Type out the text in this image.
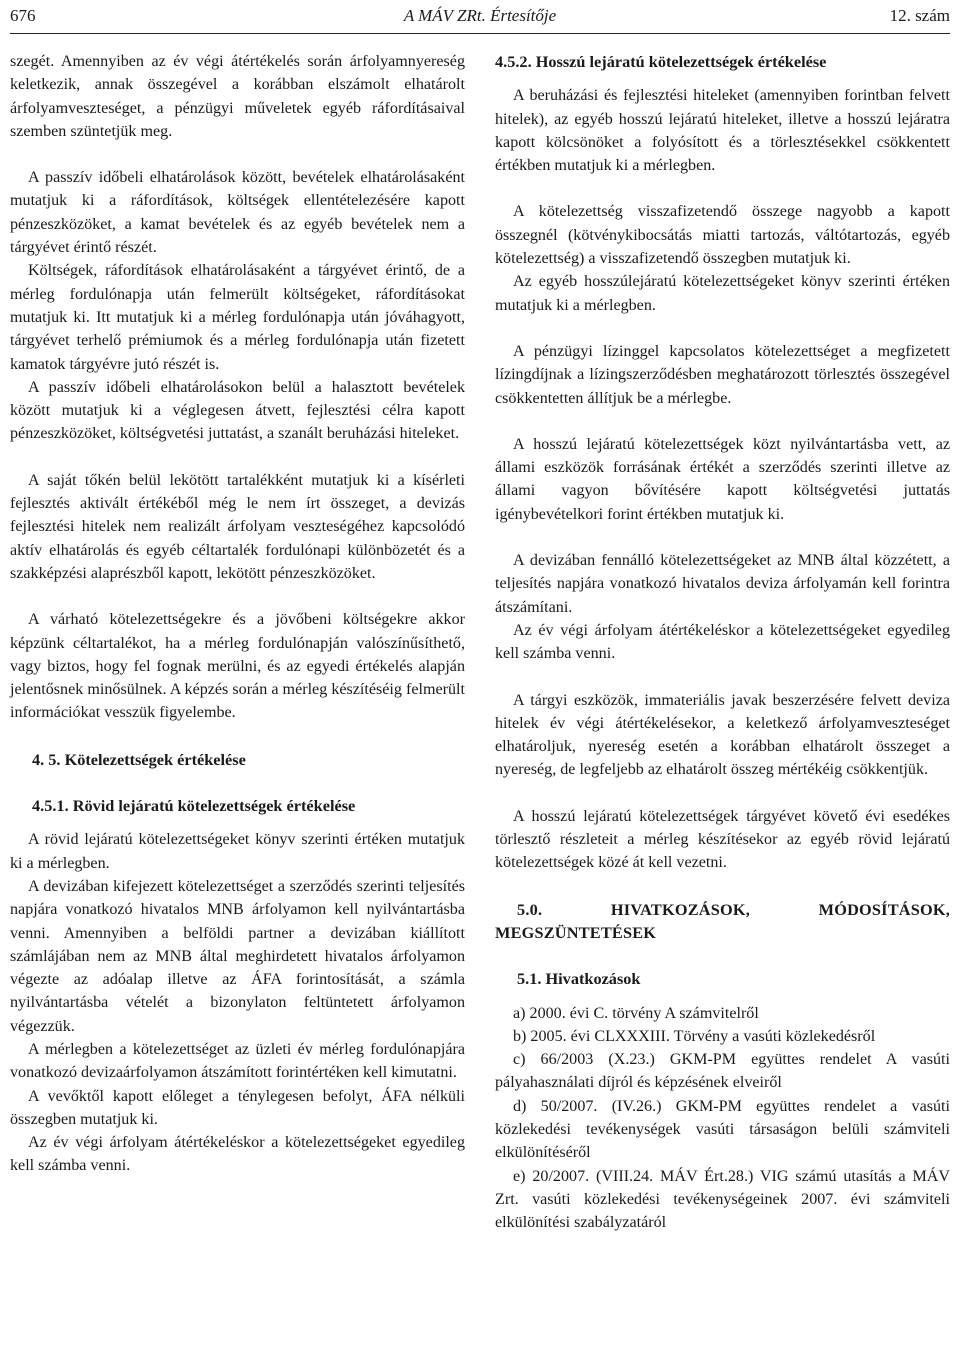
676	A MÁV ZRt. Értesítője	12. szám

szegét. Amennyiben az év végi átértékelés során árfolyamnyereség keletkezik, annak összegével a korábban elszámolt elhatárolt árfolyamveszteséget, a pénzügyi műveletek egyéb ráfordításaival szemben szüntetjük meg.

A passzív időbeli elhatárolások között, bevételek elhatárolásaként mutatjuk ki a ráfordítások, költségek ellentételezésére kapott pénzeszközöket, a kamat bevételek és az egyéb bevételek nem a tárgyévet érintő részét.

Költségek, ráfordítások elhatárolásaként a tárgyévet érintő, de a mérleg fordulónapja után felmerült költségeket, ráfordításokat mutatjuk ki. Itt mutatjuk ki a mérleg fordulónapja után jóváhagyott, tárgyévet terhelő prémiumok és a mérleg fordulónapja után fizetett kamatok tárgyévre jutó részét is.

A passzív időbeli elhatárolásokon belül a halasztott bevételek között mutatjuk ki a véglegesen átvett, fejlesztési célra kapott pénzeszközöket, költségvetési juttatást, a szanált beruházási hiteleket.

A saját tőkén belül lekötött tartalékként mutatjuk ki a kísérleti fejlesztés aktivált értékéből még le nem írt összeget, a devizás fejlesztési hitelek nem realizált árfolyam veszteségéhez kapcsolódó aktív elhatárolás és egyéb céltartalék fordulónapi különbözetét és a szakképzési alaprészből kapott, lekötött pénzeszközöket.

A várható kötelezettségekre és a jövőbeni költségekre akkor képzünk céltartalékot, ha a mérleg fordulónapján valószínűsíthető, vagy biztos, hogy fel fognak merülni, és az egyedi értékelés alapján jelentősnek minősülnek. A képzés során a mérleg készítéséig felmerült információkat vesszük figyelembe.

4. 5. Kötelezettségek értékelése
4.5.1. Rövid lejáratú kötelezettségek értékelése

A rövid lejáratú kötelezettségeket könyv szerinti értéken mutatjuk ki a mérlegben.

A devizában kifejezett kötelezettséget a szerződés szerinti teljesítés napjára vonatkozó hivatalos MNB árfolyamon kell nyilvántartásba venni. Amennyiben a belföldi partner a devizában kiállított számlájában nem az MNB által meghirdetett hivatalos árfolyamon végezte az adóalap illetve az ÁFA forintosítását, a számla nyilvántartásba vételét a bizonylaton feltüntetett árfolyamon végezzük.

A mérlegben a kötelezettséget az üzleti év mérleg fordulónapjára vonatkozó devizaárfolyamon átszámított forintértéken kell kimutatni.

A vevőktől kapott előleget a ténylegesen befolyt, ÁFA nélküli összegben mutatjuk ki.

Az év végi árfolyam átértékeléskor a kötelezettségeket egyedileg kell számba venni.

4.5.2. Hosszú lejáratú kötelezettségek értékelése

A beruházási és fejlesztési hiteleket (amennyiben forintban felvett hitelek), az egyéb hosszú lejáratú hiteleket, illetve a hosszú lejáratra kapott kölcsönöket a folyósított és a törlesztésekkel csökkentett értékben mutatjuk ki a mérlegben.

A kötelezettség visszafizetendő összege nagyobb a kapott összegnél (kötvénykibocsátás miatti tartozás, váltótartozás, egyéb kötelezettség) a visszafizetendő összegben mutatjuk ki.

Az egyéb hosszúlejáratú kötelezettségeket könyv szerinti értéken mutatjuk ki a mérlegben.

A pénzügyi lízinggel kapcsolatos kötelezettséget a megfizetett lízingdíjnak a lízingszerződésben meghatározott törlesztés összegével csökkentetten állítjuk be a mérlegbe.

A hosszú lejáratú kötelezettségek közt nyilvántartásba vett, az állami eszközök forrásának értékét a szerződés szerinti illetve az állami vagyon bővítésére kapott költségvetési juttatás igénybevételkori forint értékben mutatjuk ki.

A devizában fennálló kötelezettségeket az MNB által közzétett, a teljesítés napjára vonatkozó hivatalos deviza árfolyamán kell forintra átszámítani.

Az év végi árfolyam átértékeléskor a kötelezettségeket egyedileg kell számba venni.

A tárgyi eszközök, immateriális javak beszerzésére felvett deviza hitelek év végi átértékelésekor, a keletkező árfolyamveszteséget elhatároljuk, nyereség esetén a korábban elhatárolt összeget a nyereség, de legfeljebb az elhatárolt összeg mértékéig csökkentjük.

A hosszú lejáratú kötelezettségek tárgyévet követő évi esedékes törlesztő részleteit a mérleg készítésekor az egyéb rövid lejáratú kötelezettségek közé át kell vezetni.

5.0. HIVATKOZÁSOK, MÓDOSÍTÁSOK, MEGSZÜNTETÉSEK
5.1. Hivatkozások

a) 2000. évi C. törvény A számvitelről

b) 2005. évi CLXXXIII. Törvény a vasúti közlekedésről

c) 66/2003 (X.23.) GKM-PM együttes rendelet A vasúti pályahasználati díjról és képzésének elveiről

d) 50/2007. (IV.26.) GKM-PM együttes rendelet a vasúti közlekedési tevékenységek vasúti társaságon belüli számviteli elkülönítéséről

e) 20/2007. (VIII.24. MÁV Ért.28.) VIG számú utasítás a MÁV Zrt. vasúti közlekedési tevékenységeinek 2007. évi számviteli elkülönítési szabályzatáról
